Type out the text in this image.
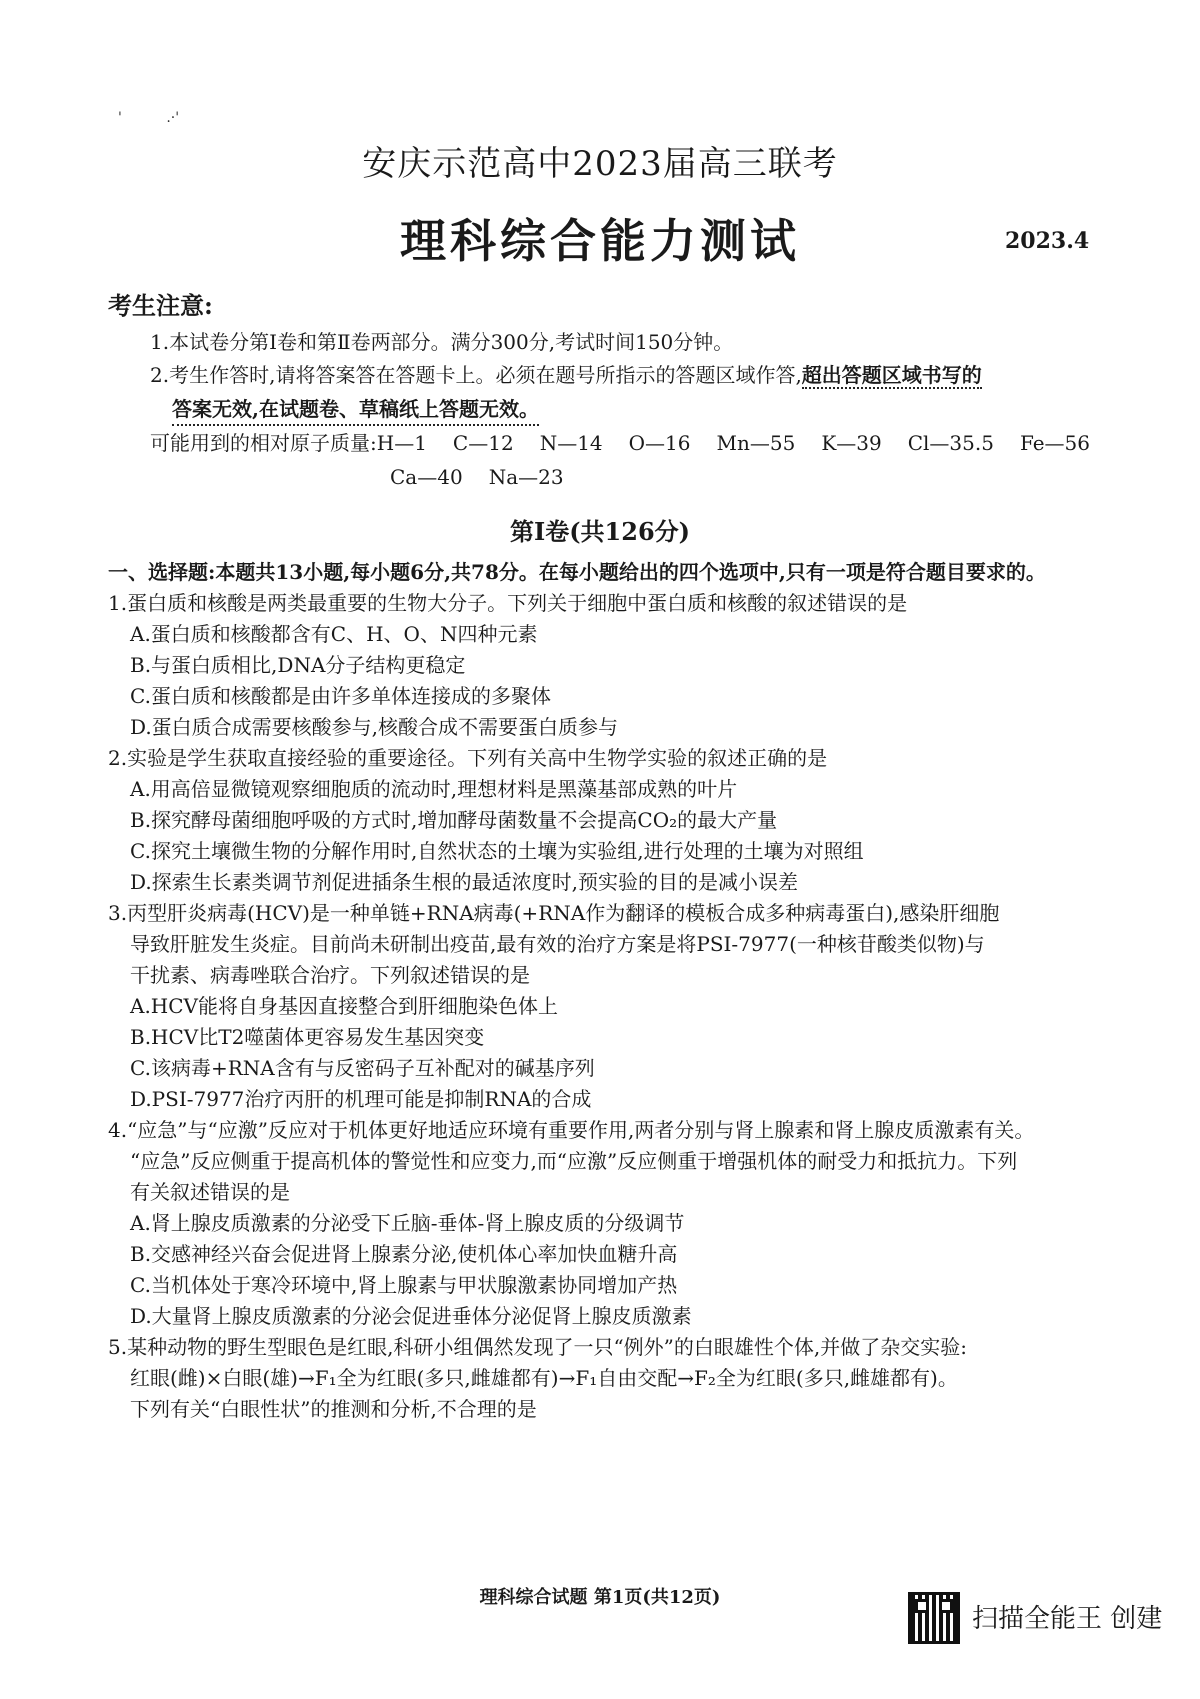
'          .·'
安庆示范高中2023届高三联考
理科综合能力测试	2023.4
考生注意:
1.本试卷分第Ⅰ卷和第Ⅱ卷两部分。满分300分,考试时间150分钟。
2.考生作答时,请将答案答在答题卡上。必须在题号所指示的答题区域作答,超出答题区域书写的
答案无效,在试题卷、草稿纸上答题无效。
可能用到的相对原子质量:H—1 C—12 N—14 O—16 Mn—55 K—39 Cl—35.5 Fe—56
Ca—40 Na—23
第Ⅰ卷(共126分)
一、选择题:本题共13小题,每小题6分,共78分。在每小题给出的四个选项中,只有一项是符合题目要求的。
1.蛋白质和核酸是两类最重要的生物大分子。下列关于细胞中蛋白质和核酸的叙述错误的是
A.蛋白质和核酸都含有C、H、O、N四种元素
B.与蛋白质相比,DNA分子结构更稳定
C.蛋白质和核酸都是由许多单体连接成的多聚体
D.蛋白质合成需要核酸参与,核酸合成不需要蛋白质参与
2.实验是学生获取直接经验的重要途径。下列有关高中生物学实验的叙述正确的是
A.用高倍显微镜观察细胞质的流动时,理想材料是黑藻基部成熟的叶片
B.探究酵母菌细胞呼吸的方式时,增加酵母菌数量不会提高CO₂的最大产量
C.探究土壤微生物的分解作用时,自然状态的土壤为实验组,进行处理的土壤为对照组
D.探索生长素类调节剂促进插条生根的最适浓度时,预实验的目的是减小误差
3.丙型肝炎病毒(HCV)是一种单链+RNA病毒(+RNA作为翻译的模板合成多种病毒蛋白),感染肝细胞
导致肝脏发生炎症。目前尚未研制出疫苗,最有效的治疗方案是将PSI-7977(一种核苷酸类似物)与
干扰素、病毒唑联合治疗。下列叙述错误的是
A.HCV能将自身基因直接整合到肝细胞染色体上
B.HCV比T2噬菌体更容易发生基因突变
C.该病毒+RNA含有与反密码子互补配对的碱基序列
D.PSI-7977治疗丙肝的机理可能是抑制RNA的合成
4.“应急”与“应激”反应对于机体更好地适应环境有重要作用,两者分别与肾上腺素和肾上腺皮质激素有关。
“应急”反应侧重于提高机体的警觉性和应变力,而“应激”反应侧重于增强机体的耐受力和抵抗力。下列
有关叙述错误的是
A.肾上腺皮质激素的分泌受下丘脑-垂体-肾上腺皮质的分级调节
B.交感神经兴奋会促进肾上腺素分泌,使机体心率加快血糖升高
C.当机体处于寒冷环境中,肾上腺素与甲状腺激素协同增加产热
D.大量肾上腺皮质激素的分泌会促进垂体分泌促肾上腺皮质激素
5.某种动物的野生型眼色是红眼,科研小组偶然发现了一只“例外”的白眼雄性个体,并做了杂交实验:
红眼(雌)×白眼(雄)→F₁全为红眼(多只,雌雄都有)→F₁自由交配→F₂全为红眼(多只,雌雄都有)。
下列有关“白眼性状”的推测和分析,不合理的是
理科综合试题 第1页(共12页)
扫描全能王 创建
